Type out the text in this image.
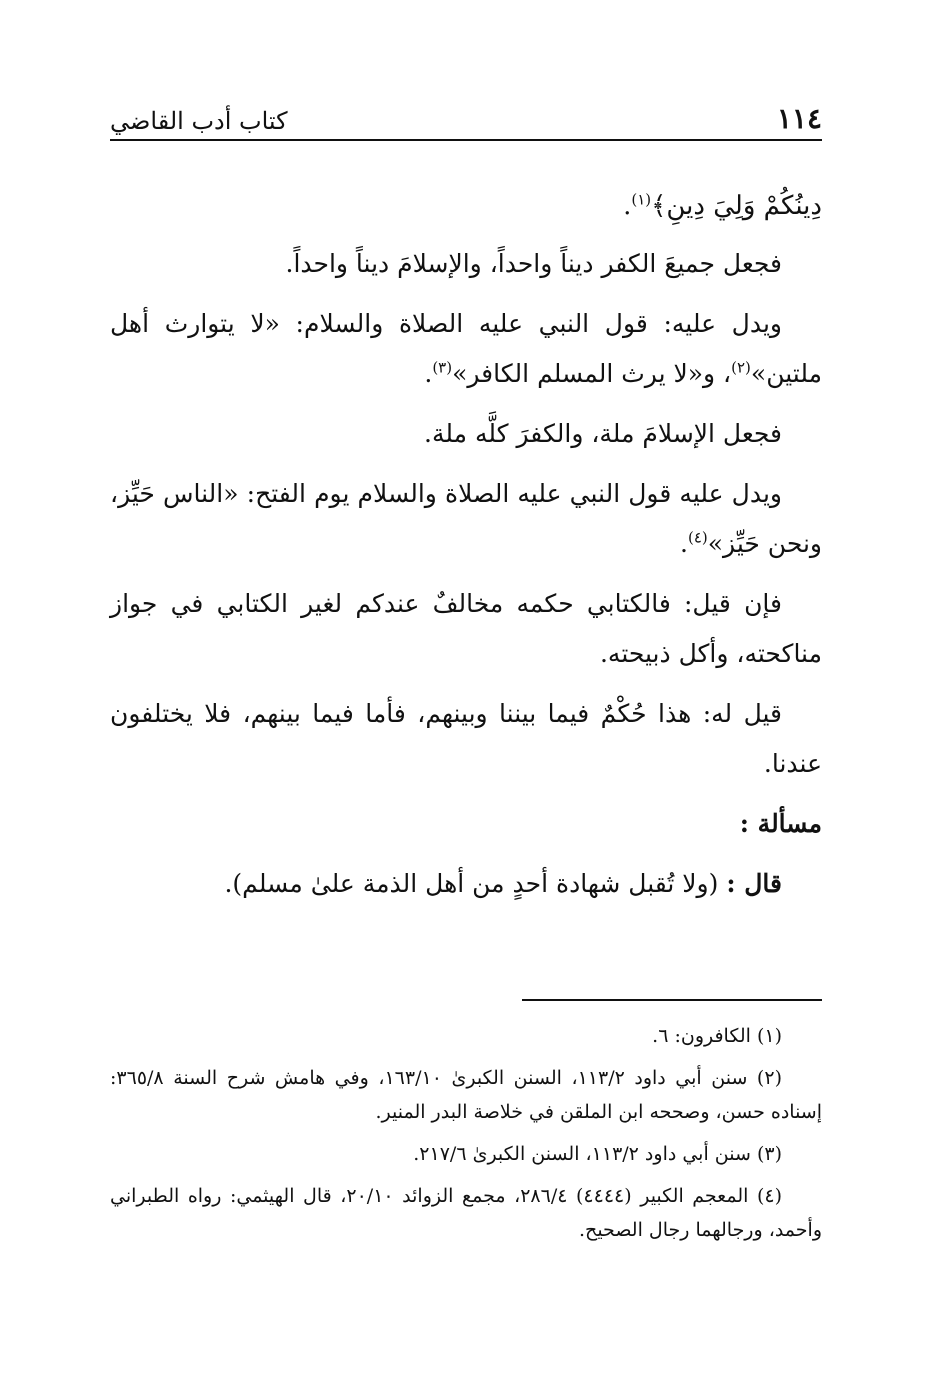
١١٤
كتاب أدب القاضي

دِينُكُمْ وَلِيَ دِينِ﴾$^{(١)}$.

فجعل جميعَ الكفر ديناً واحداً، والإسلامَ ديناً واحداً.

ويدل عليه: قول النبي عليه الصلاة والسلام: «لا يتوارث أهل ملتين»$^{(٢)}$، و«لا يرث المسلم الكافر»$^{(٣)}$.

فجعل الإسلامَ ملة، والكفرَ كلَّه ملة.

ويدل عليه قول النبي عليه الصلاة والسلام يوم الفتح: «الناس حَيِّز، ونحن حَيِّز»$^{(٤)}$.

فإن قيل: فالكتابي حكمه مخالفٌ عندكم لغير الكتابي في جواز مناكحته، وأكل ذبيحته.

قيل له: هذا حُكْمٌ فيما بيننا وبينهم، فأما فيما بينهم، فلا يختلفون عندنا.

مسألة :

قال : (ولا تُقبل شهادة أحدٍ من أهل الذمة علىٰ مسلم).

(١) الكافرون: ٦.

(٢) سنن أبي داود ١١٣/٢، السنن الكبرىٰ ١٦٣/١٠، وفي هامش شرح السنة ٣٦٥/٨: إسناده حسن، وصححه ابن الملقن في خلاصة البدر المنير.

(٣) سنن أبي داود ١١٣/٢، السنن الكبرىٰ ٢١٧/٦.

(٤) المعجم الكبير (٤٤٤٤) ٢٨٦/٤، مجمع الزوائد ٢٠/١٠، قال الهيثمي: رواه الطبراني وأحمد، ورجالهما رجال الصحيح.
